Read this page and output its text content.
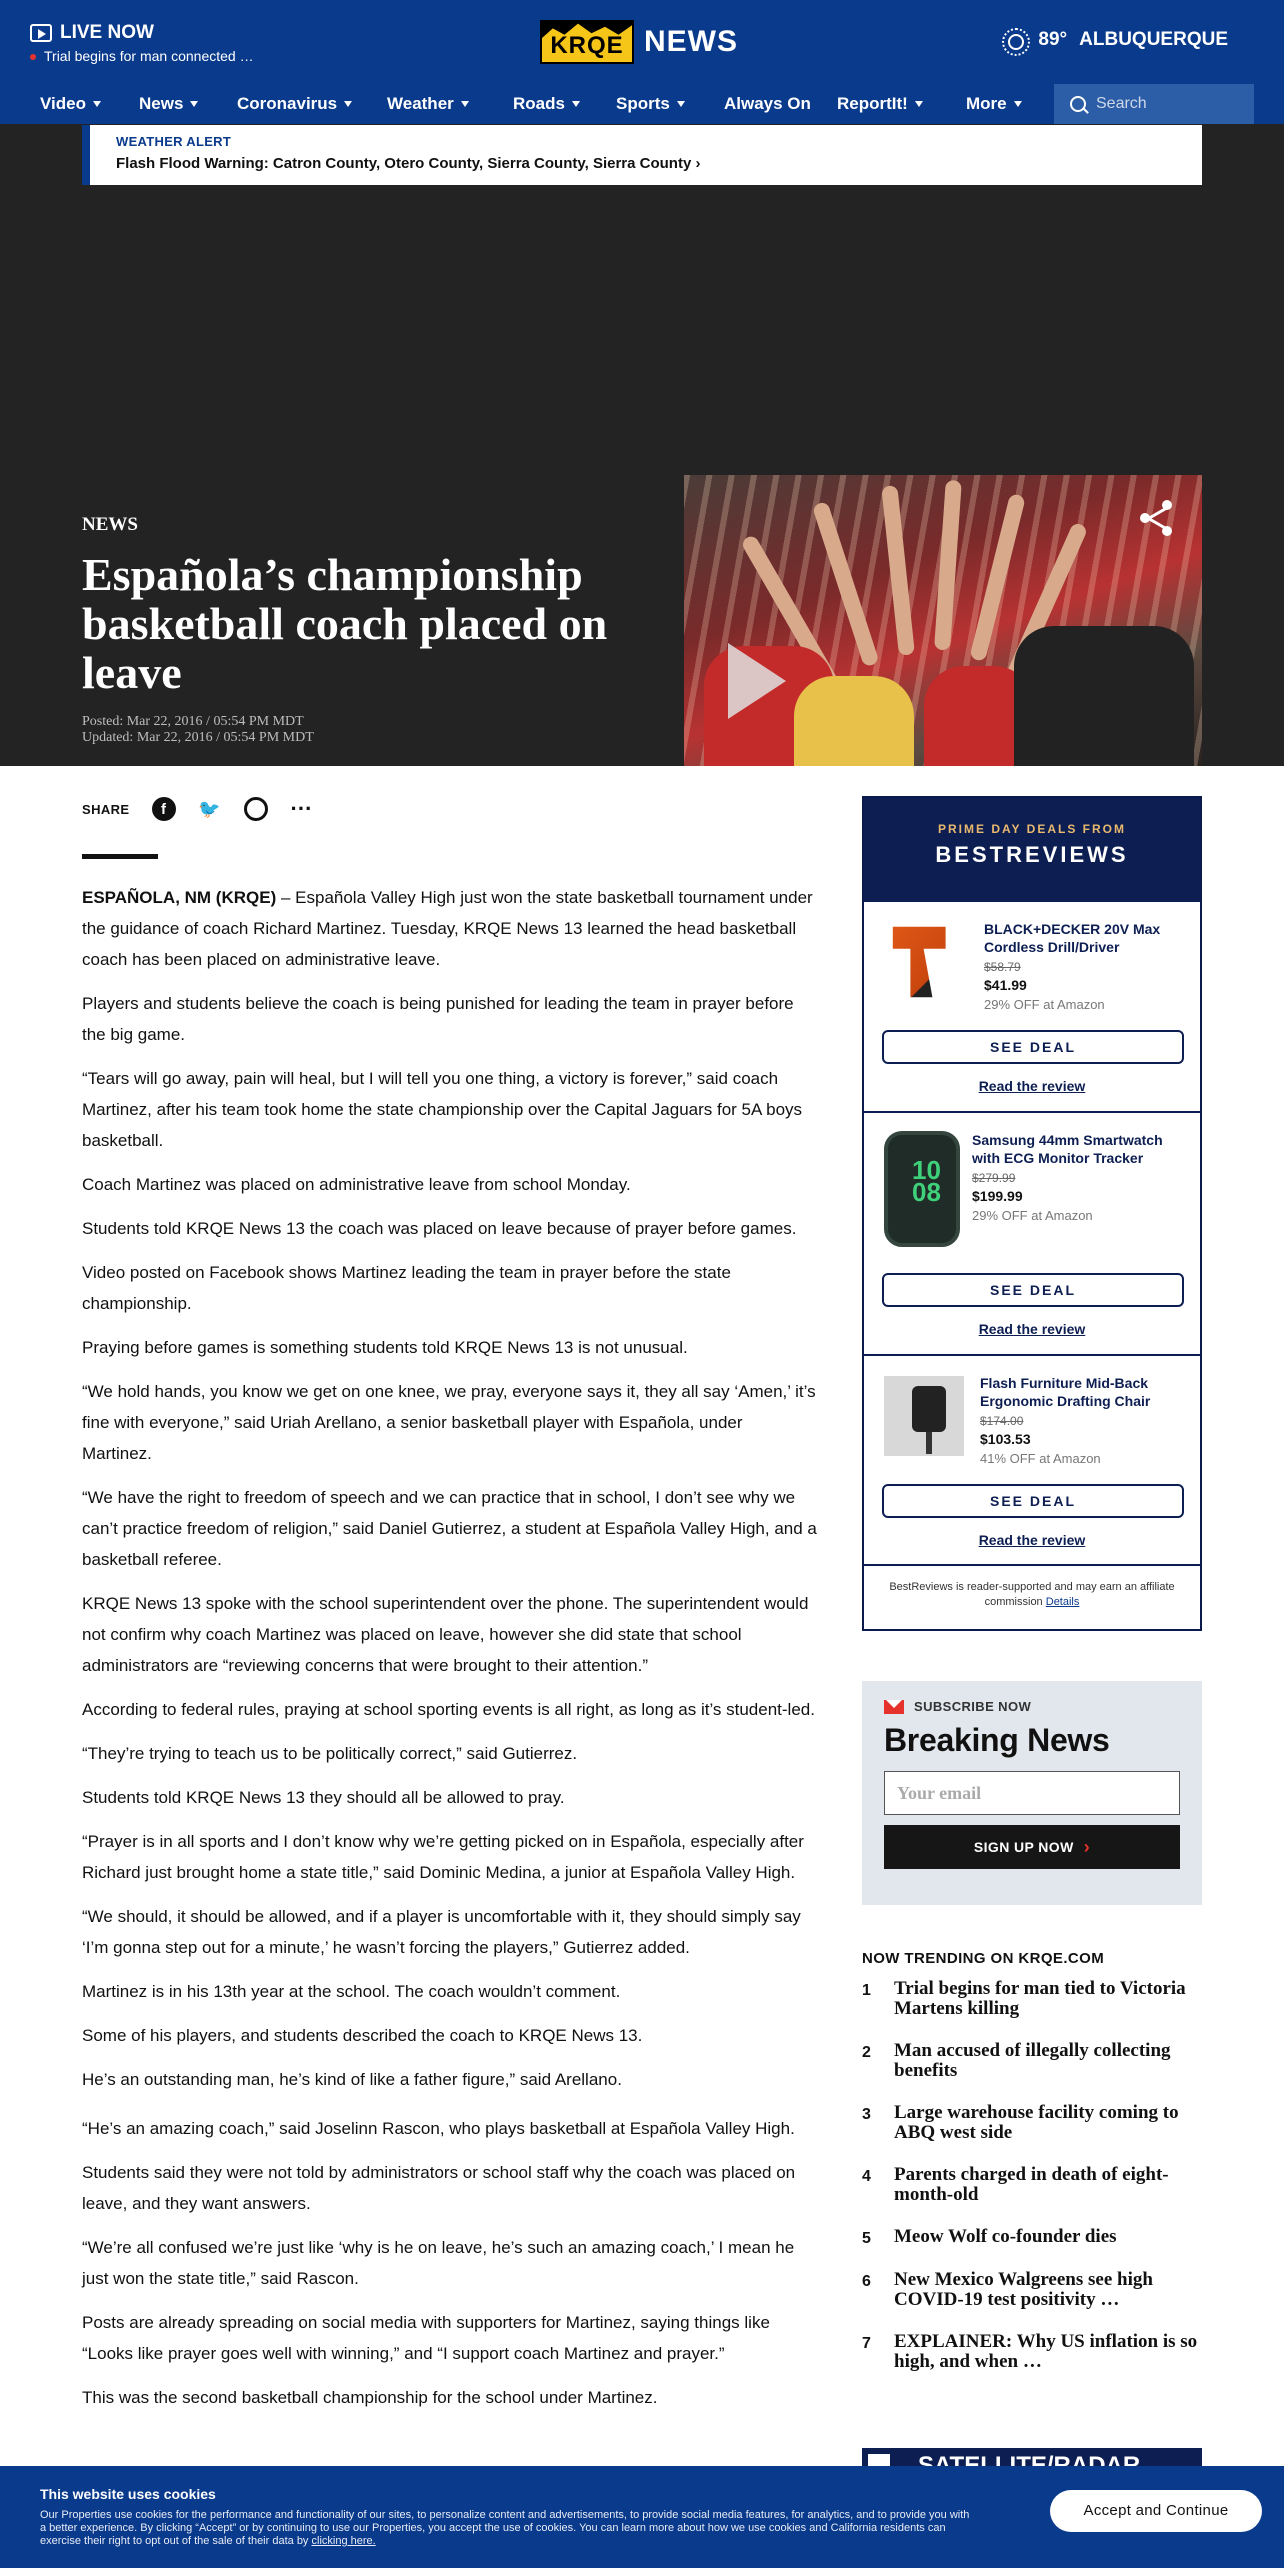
LIVE NOW
Trial begins for man connected …	KRQE NEWS	89° ALBUQUERQUE
Video	News	Coronavirus	Weather	Roads	Sports	Always On ReportIt!	More	Search
WEATHER ALERT
Flash Flood Warning: Catron County, Otero County, Sierra County, Sierra County ›
NEWS
Española’s championship basketball coach placed on leave
Posted: Mar 22, 2016 / 05:54 PM MDT
Updated: Mar 22, 2016 / 05:54 PM MDT
SHARE	f	🐦	···

ESPAÑOLA, NM (KRQE) – Española Valley High just won the state basketball tournament under the guidance of coach Richard Martinez. Tuesday, KRQE News 13 learned the head basketball coach has been placed on administrative leave.

Players and students believe the coach is being punished for leading the team in prayer before the big game.

“Tears will go away, pain will heal, but I will tell you one thing, a victory is forever,” said coach Martinez, after his team took home the state championship over the Capital Jaguars for 5A boys basketball.

Coach Martinez was placed on administrative leave from school Monday.

Students told KRQE News 13 the coach was placed on leave because of prayer before games.

Video posted on Facebook shows Martinez leading the team in prayer before the state championship.

Praying before games is something students told KRQE News 13 is not unusual.

“We hold hands, you know we get on one knee, we pray, everyone says it, they all say ‘Amen,’ it’s fine with everyone,” said Uriah Arellano, a senior basketball player with Española, under Martinez.

“We have the right to freedom of speech and we can practice that in school, I don’t see why we can’t practice freedom of religion,” said Daniel Gutierrez, a student at Española Valley High, and a basketball referee.

KRQE News 13 spoke with the school superintendent over the phone. The superintendent would not confirm why coach Martinez was placed on leave, however she did state that school administrators are “reviewing concerns that were brought to their attention.”

According to federal rules, praying at school sporting events is all right, as long as it’s student-led.

“They’re trying to teach us to be politically correct,” said Gutierrez.

Students told KRQE News 13 they should all be allowed to pray.

“Prayer is in all sports and I don’t know why we’re getting picked on in Española, especially after Richard just brought home a state title,” said Dominic Medina, a junior at Española Valley High.

“We should, it should be allowed, and if a player is uncomfortable with it, they should simply say ‘I’m gonna step out for a minute,’ he wasn’t forcing the players,” Gutierrez added.

Martinez is in his 13th year at the school. The coach wouldn’t comment.

Some of his players, and students described the coach to KRQE News 13.

He’s an outstanding man, he’s kind of like a father figure,” said Arellano.

“He’s an amazing coach,” said Joselinn Rascon, who plays basketball at Española Valley High.

Students said they were not told by administrators or school staff why the coach was placed on leave, and they want answers.

“We’re all confused we’re just like ‘why is he on leave, he’s such an amazing coach,’ I mean he just won the state title,” said Rascon.

Posts are already spreading on social media with supporters for Martinez, saying things like “Looks like prayer goes well with winning,” and “I support coach Martinez and prayer.”

This was the second basketball championship for the school under Martinez.

PRIME DAY DEALS FROM
BESTREVIEWS
BLACK+DECKER 20V Max Cordless Drill/Driver
$58.79
$41.99
29% OFF at Amazon
SEE DEAL
Read the review
10
08
Samsung 44mm Smartwatch with ECG Monitor Tracker
$279.99
$199.99
29% OFF at Amazon
SEE DEAL
Read the review
Flash Furniture Mid-Back Ergonomic Drafting Chair
$174.00
$103.53
41% OFF at Amazon
SEE DEAL
Read the review
BestReviews is reader-supported and may earn an affiliate commission Details
SUBSCRIBE NOW
Breaking News
Your email
SIGN UP NOW ›
NOW TRENDING ON KRQE.COM
1 Trial begins for man tied to Victoria Martens killing
2 Man accused of illegally collecting benefits
3 Large warehouse facility coming to ABQ west side
4 Parents charged in death of eight-month-old
5 Meow Wolf co-founder dies
6 New Mexico Walgreens see high COVID-19 test positivity …
7 EXPLAINER: Why US inflation is so high, and when …
This website uses cookies
Our Properties use cookies for the performance and functionality of our sites, to personalize content and advertisements, to provide social media features, for analytics, and to provide you with a better experience. By clicking “Accept” or by continuing to use our Properties, you accept the use of cookies. You can learn more about how we use cookies and California residents can exercise their right to opt out of the sale of their data by clicking here.
Accept and Continue
